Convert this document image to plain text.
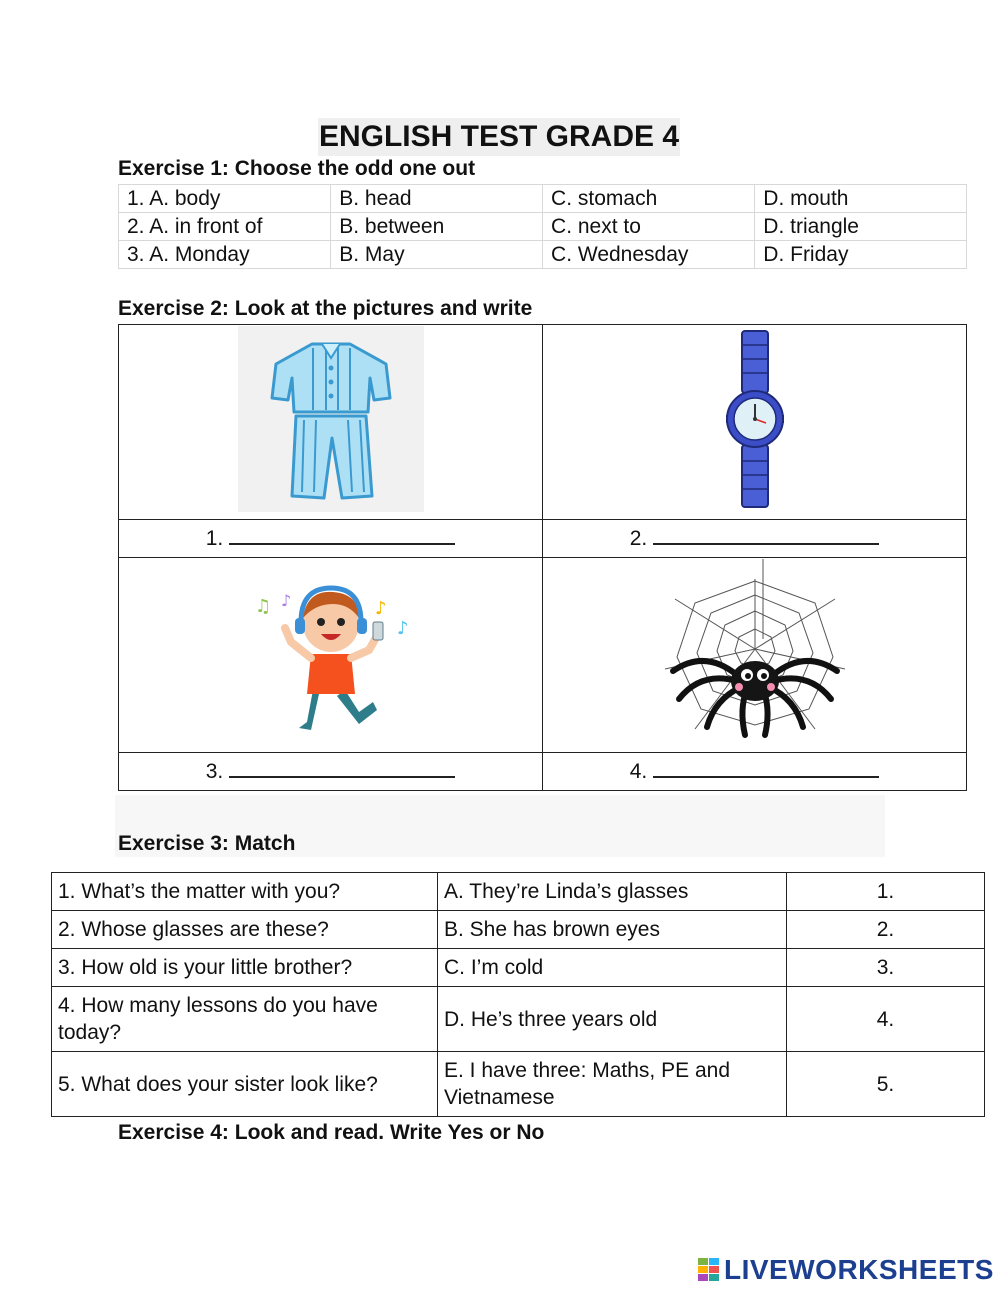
ENGLISH TEST GRADE 4
Exercise 1: Choose the odd one out
1. A. body	B. head	C. stomach	D. mouth
2. A. in front of	B. between	C. next to	D. triangle
3. A. Monday	B. May	C. Wednesday	D. Friday
Exercise 2: Look at the pictures and write

1.	2.

♫ ♪ ♪
♪

3.	4.
Exercise 3: Match
1. What’s the matter with you?	A. They’re Linda’s glasses	1.
2. Whose glasses are these?	B. She has brown eyes	2.
3. How old is your little brother?	C. I’m cold	3.
4. How many lessons do you have today?	D. He’s three years old	4.
5. What does your sister look like?	E. I have three: Maths, PE and Vietnamese	5.
Exercise 4: Look and read. Write Yes or No
LIVEWORKSHEETS
